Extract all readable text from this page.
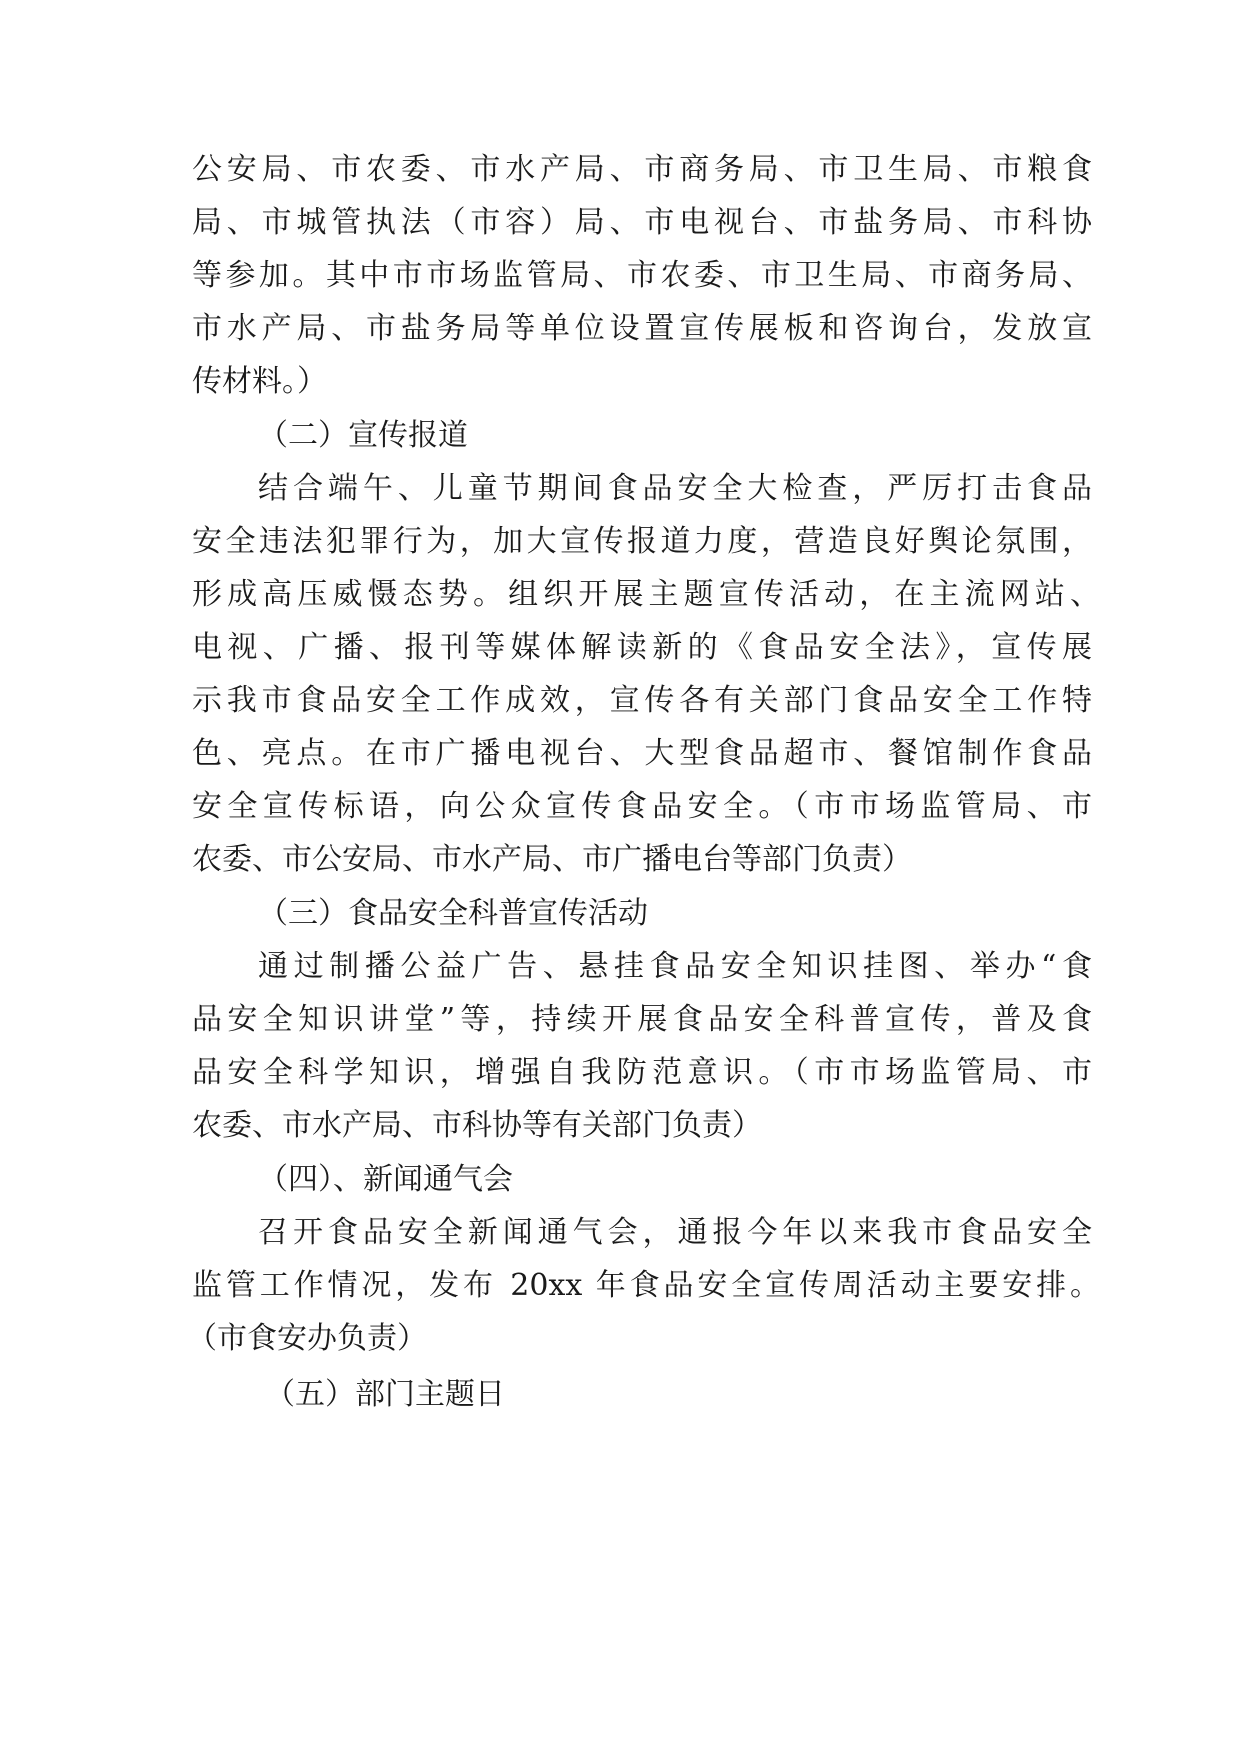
公安局、市农委、市水产局、市商务局、市卫生局、市粮食
局、市城管执法（市容）局、市电视台、市盐务局、市科协
等参加。其中市市场监管局、市农委、市卫生局、市商务局、
市水产局、市盐务局等单位设置宣传展板和咨询台，发放宣
传材料。）
（二）宣传报道
结合端午、儿童节期间食品安全大检查，严厉打击食品
安全违法犯罪行为，加大宣传报道力度，营造良好舆论氛围，
形成高压威慑态势。组织开展主题宣传活动，在主流网站、
电视、广播、报刊等媒体解读新的《食品安全法》，宣传展
示我市食品安全工作成效，宣传各有关部门食品安全工作特
色、亮点。在市广播电视台、大型食品超市、餐馆制作食品
安全宣传标语，向公众宣传食品安全。（市市场监管局、市
农委、市公安局、市水产局、市广播电台等部门负责）
（三）食品安全科普宣传活动
通过制播公益广告、悬挂食品安全知识挂图、举办“食
品安全知识讲堂”等，持续开展食品安全科普宣传，普及食
品安全科学知识，增强自我防范意识。（市市场监管局、市
农委、市水产局、市科协等有关部门负责）
（四）、新闻通气会
召开食品安全新闻通气会，通报今年以来我市食品安全
监管工作情况，发布 20xx 年食品安全宣传周活动主要安排。
（市食安办负责）
（五）部门主题日
